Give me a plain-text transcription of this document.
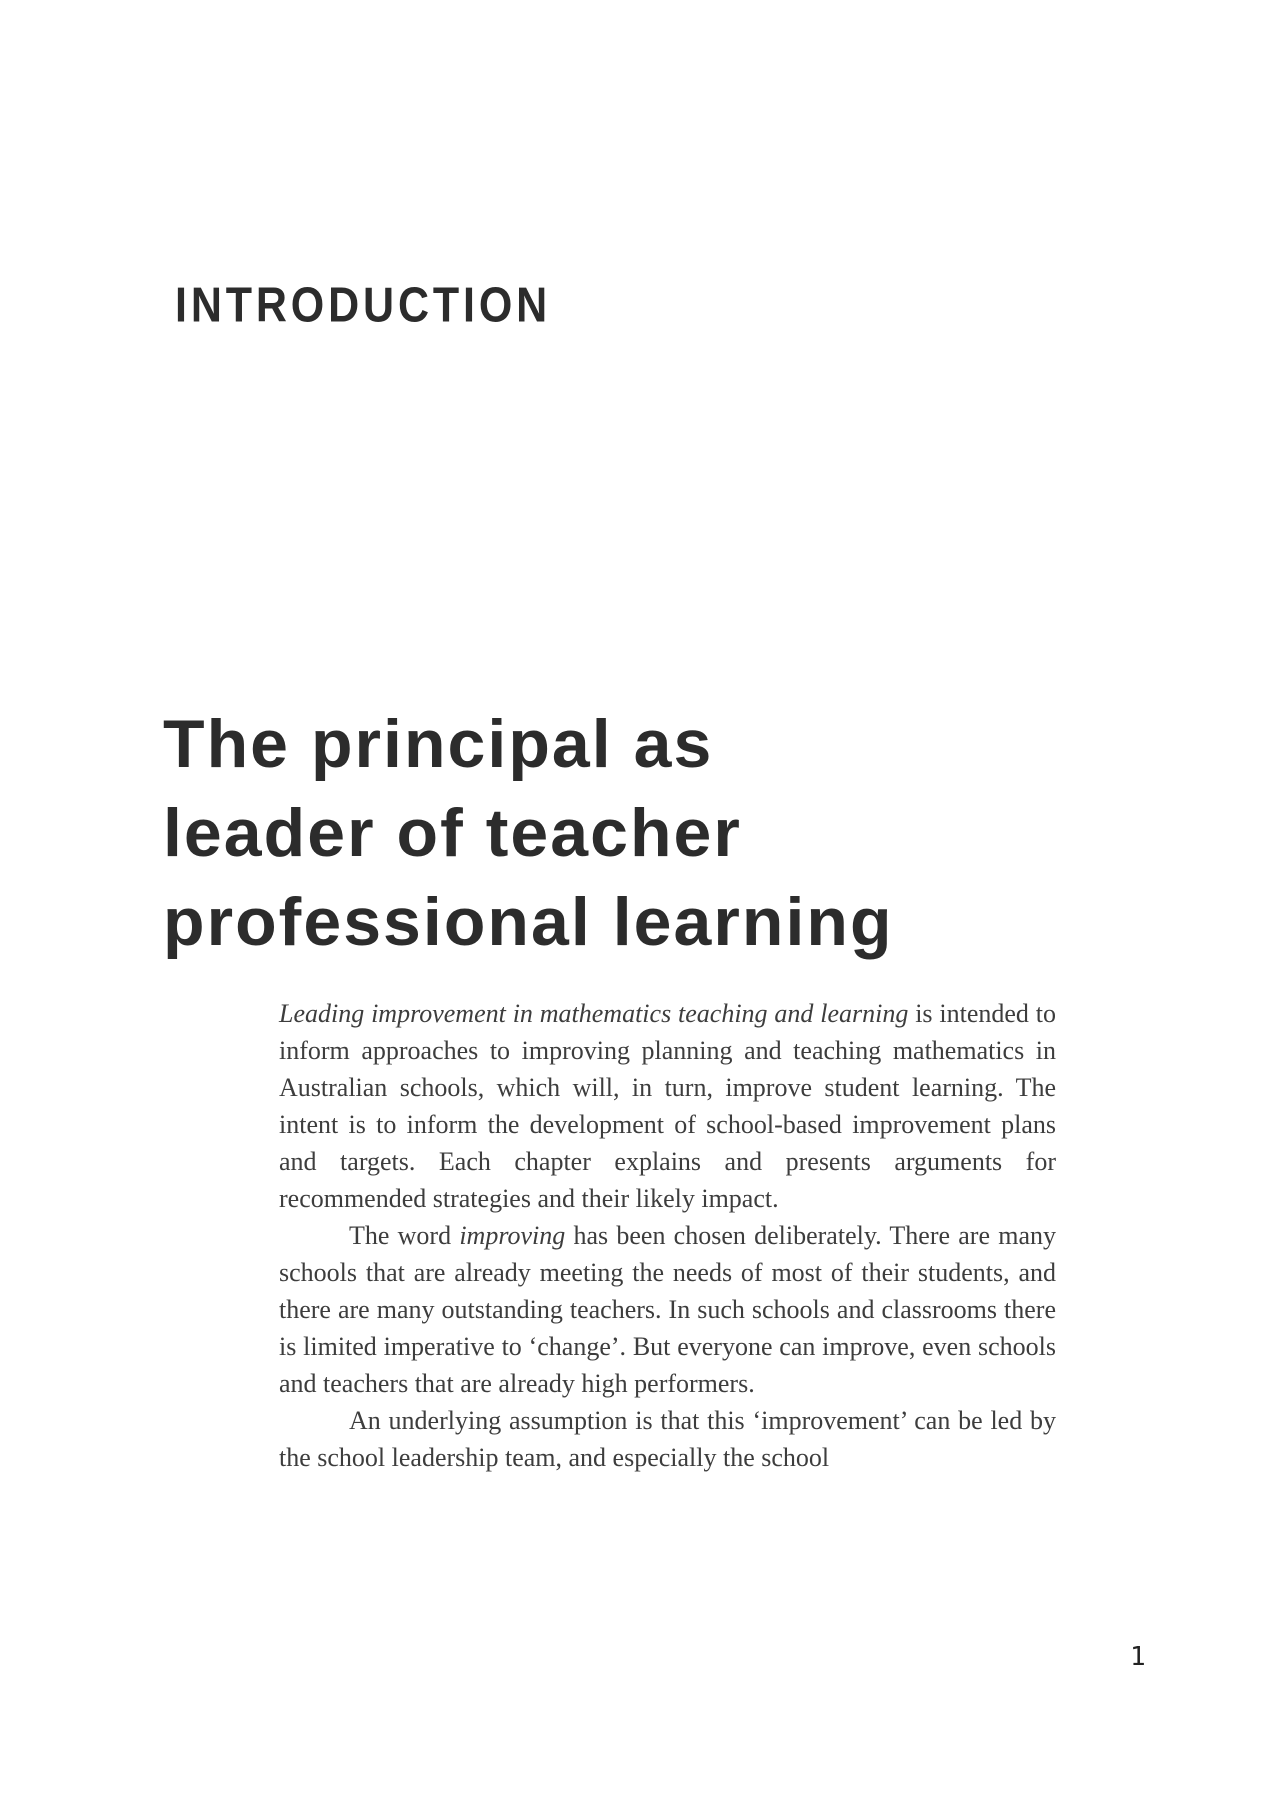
INTRODUCTION
The principal as
leader of teacher
professional learning

Leading improvement in mathematics teaching and learning is intended to inform approaches to improving planning and teaching mathematics in Australian schools, which will, in turn, improve student learning. The intent is to inform the development of school-based improvement plans and targets. Each chapter explains and presents arguments for recommended strategies and their likely impact.

The word improving has been chosen deliberately. There are many schools that are already meeting the needs of most of their students, and there are many outstanding teachers. In such schools and classrooms there is limited imperative to ‘change’. But everyone can improve, even schools and teachers that are already high performers.

An underlying assumption is that this ‘improvement’ can be led by the school leadership team, and especially the school

1
